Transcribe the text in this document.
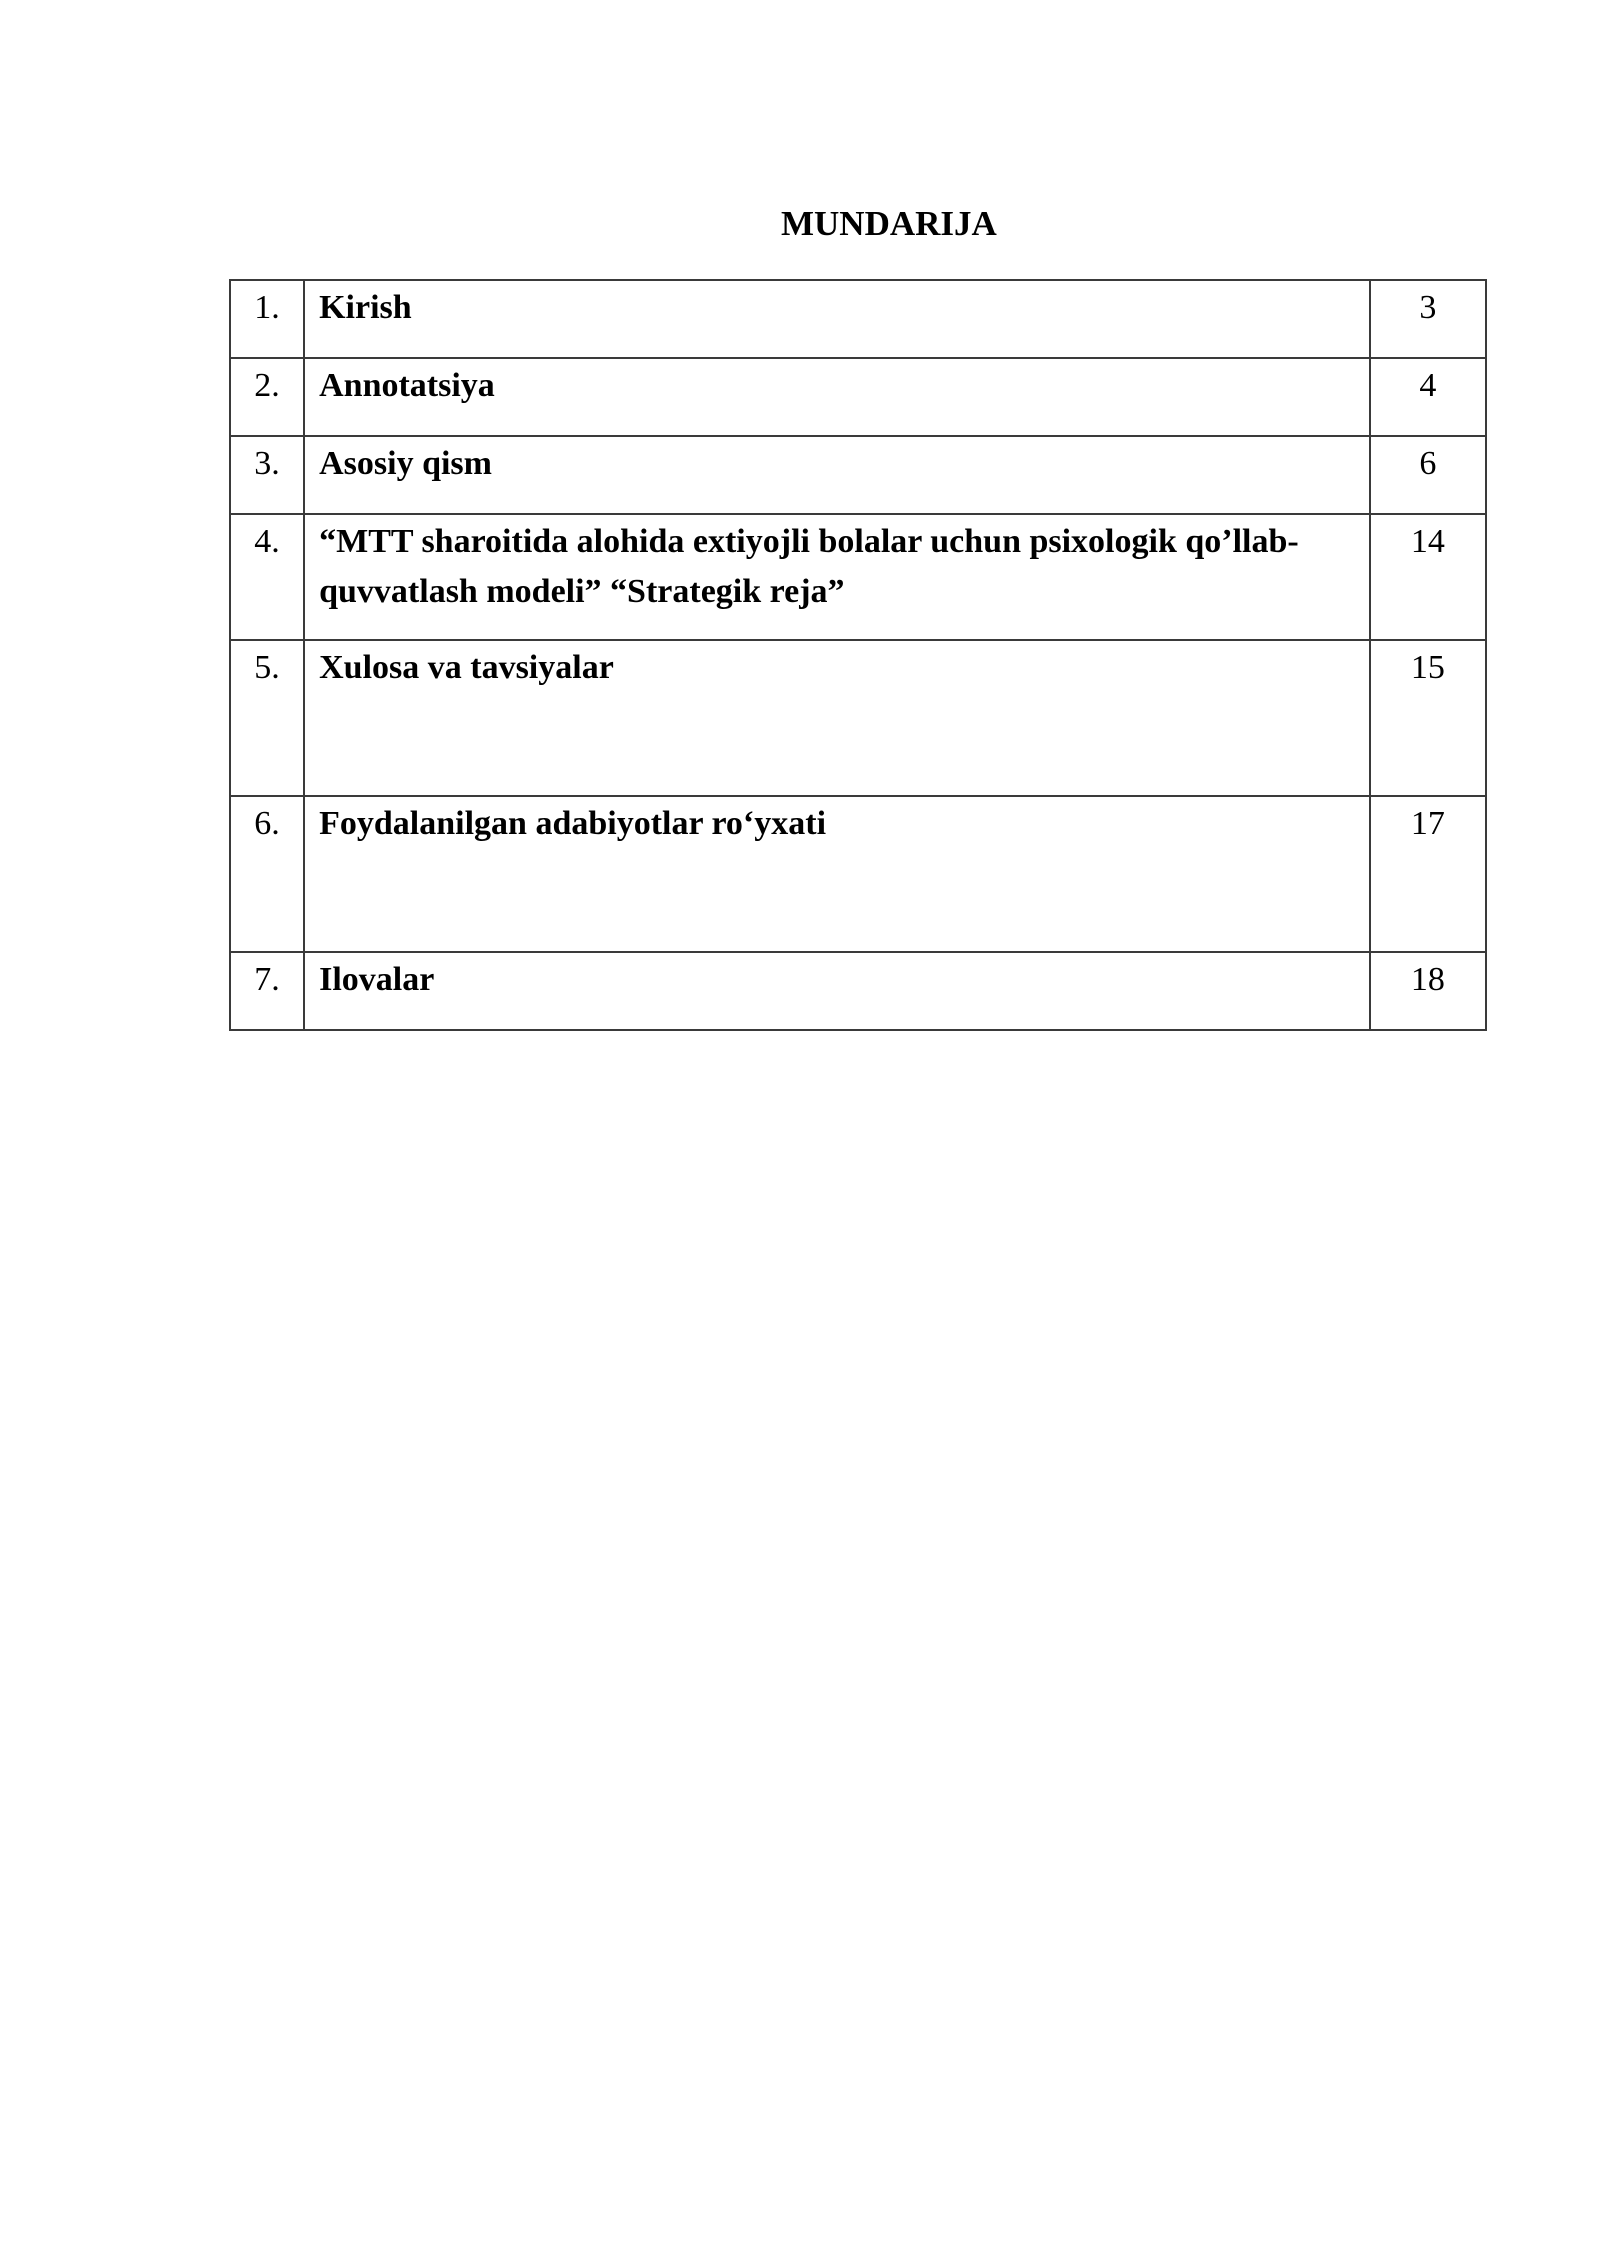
MUNDARIJA
1.	Kirish	3
2.	Annotatsiya	4
3.	Asosiy qism	6
4.	“MTT sharoitida alohida extiyojli bolalar uchun psixologik qo’llab-quvvatlash modeli” “Strategik reja”	14
5.	Xulosa va tavsiyalar	15
6.	Foydalanilgan adabiyotlar ro‘yxati	17
7.	Ilovalar	18
